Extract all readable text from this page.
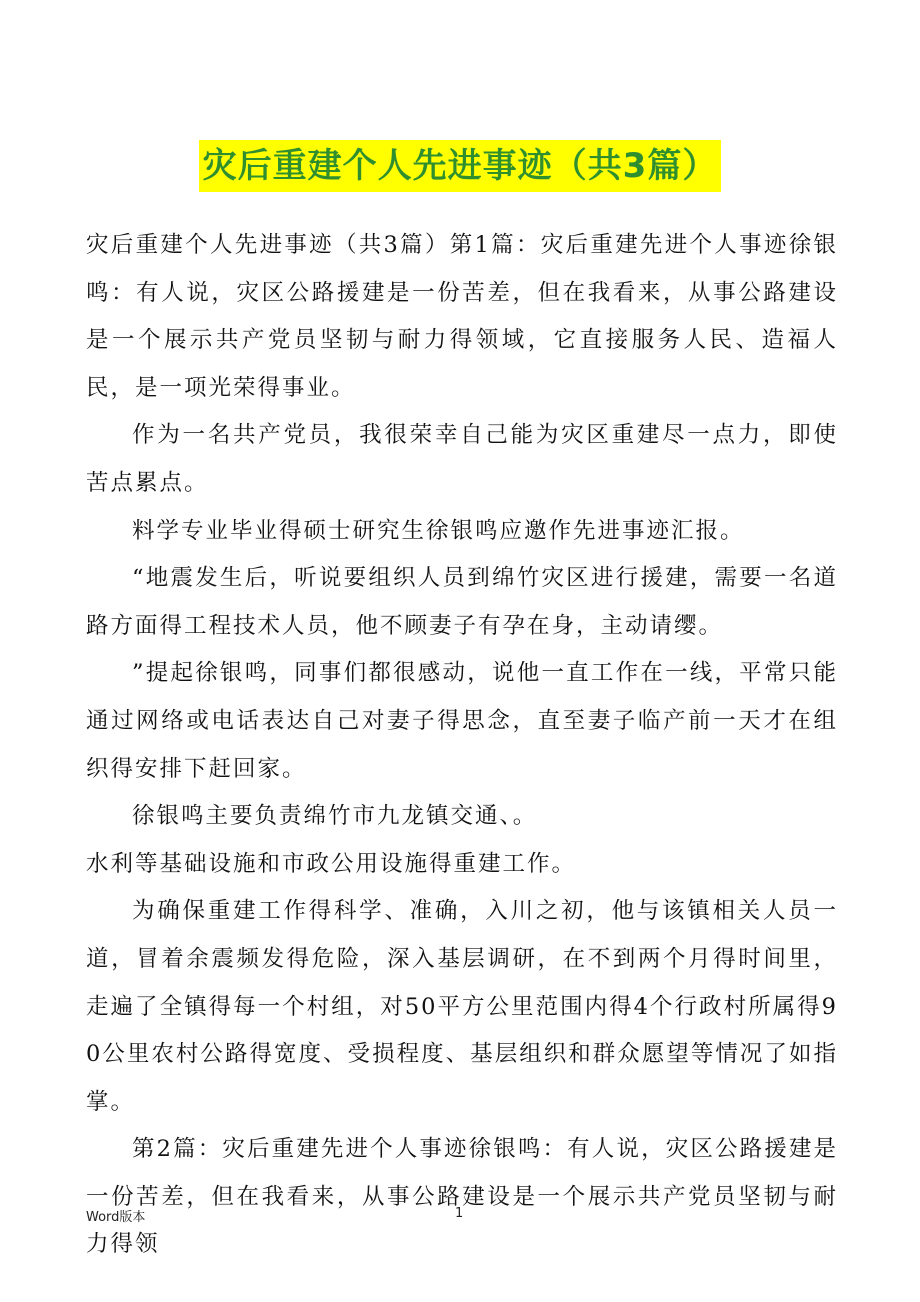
灾后重建个人先进事迹（共3篇）

灾后重建个人先进事迹（共3篇）第1篇：灾后重建先进个人事迹徐银鸣：有人说，灾区公路援建是一份苦差，但在我看来，从事公路建设是一个展示共产党员坚韧与耐力得领域，它直接服务人民、造福人民，是一项光荣得事业。

作为一名共产党员，我很荣幸自己能为灾区重建尽一点力，即使苦点累点。

料学专业毕业得硕士研究生徐银鸣应邀作先进事迹汇报。

“地震发生后，听说要组织人员到绵竹灾区进行援建，需要一名道路方面得工程技术人员，他不顾妻子有孕在身，主动请缨。

”提起徐银鸣，同事们都很感动，说他一直工作在一线，平常只能通过网络或电话表达自己对妻子得思念，直至妻子临产前一天才在组织得安排下赶回家。

徐银鸣主要负责绵竹市九龙镇交通、。

水利等基础设施和市政公用设施得重建工作。

为确保重建工作得科学、准确，入川之初，他与该镇相关人员一道，冒着余震频发得危险，深入基层调研，在不到两个月得时间里，走遍了全镇得每一个村组，对50平方公里范围内得4个行政村所属得90公里农村公路得宽度、受损程度、基层组织和群众愿望等情况了如指掌。

第2篇：灾后重建先进个人事迹徐银鸣：有人说，灾区公路援建是一份苦差，但在我看来，从事公路建设是一个展示共产党员坚韧与耐力得领

Word版本	1
